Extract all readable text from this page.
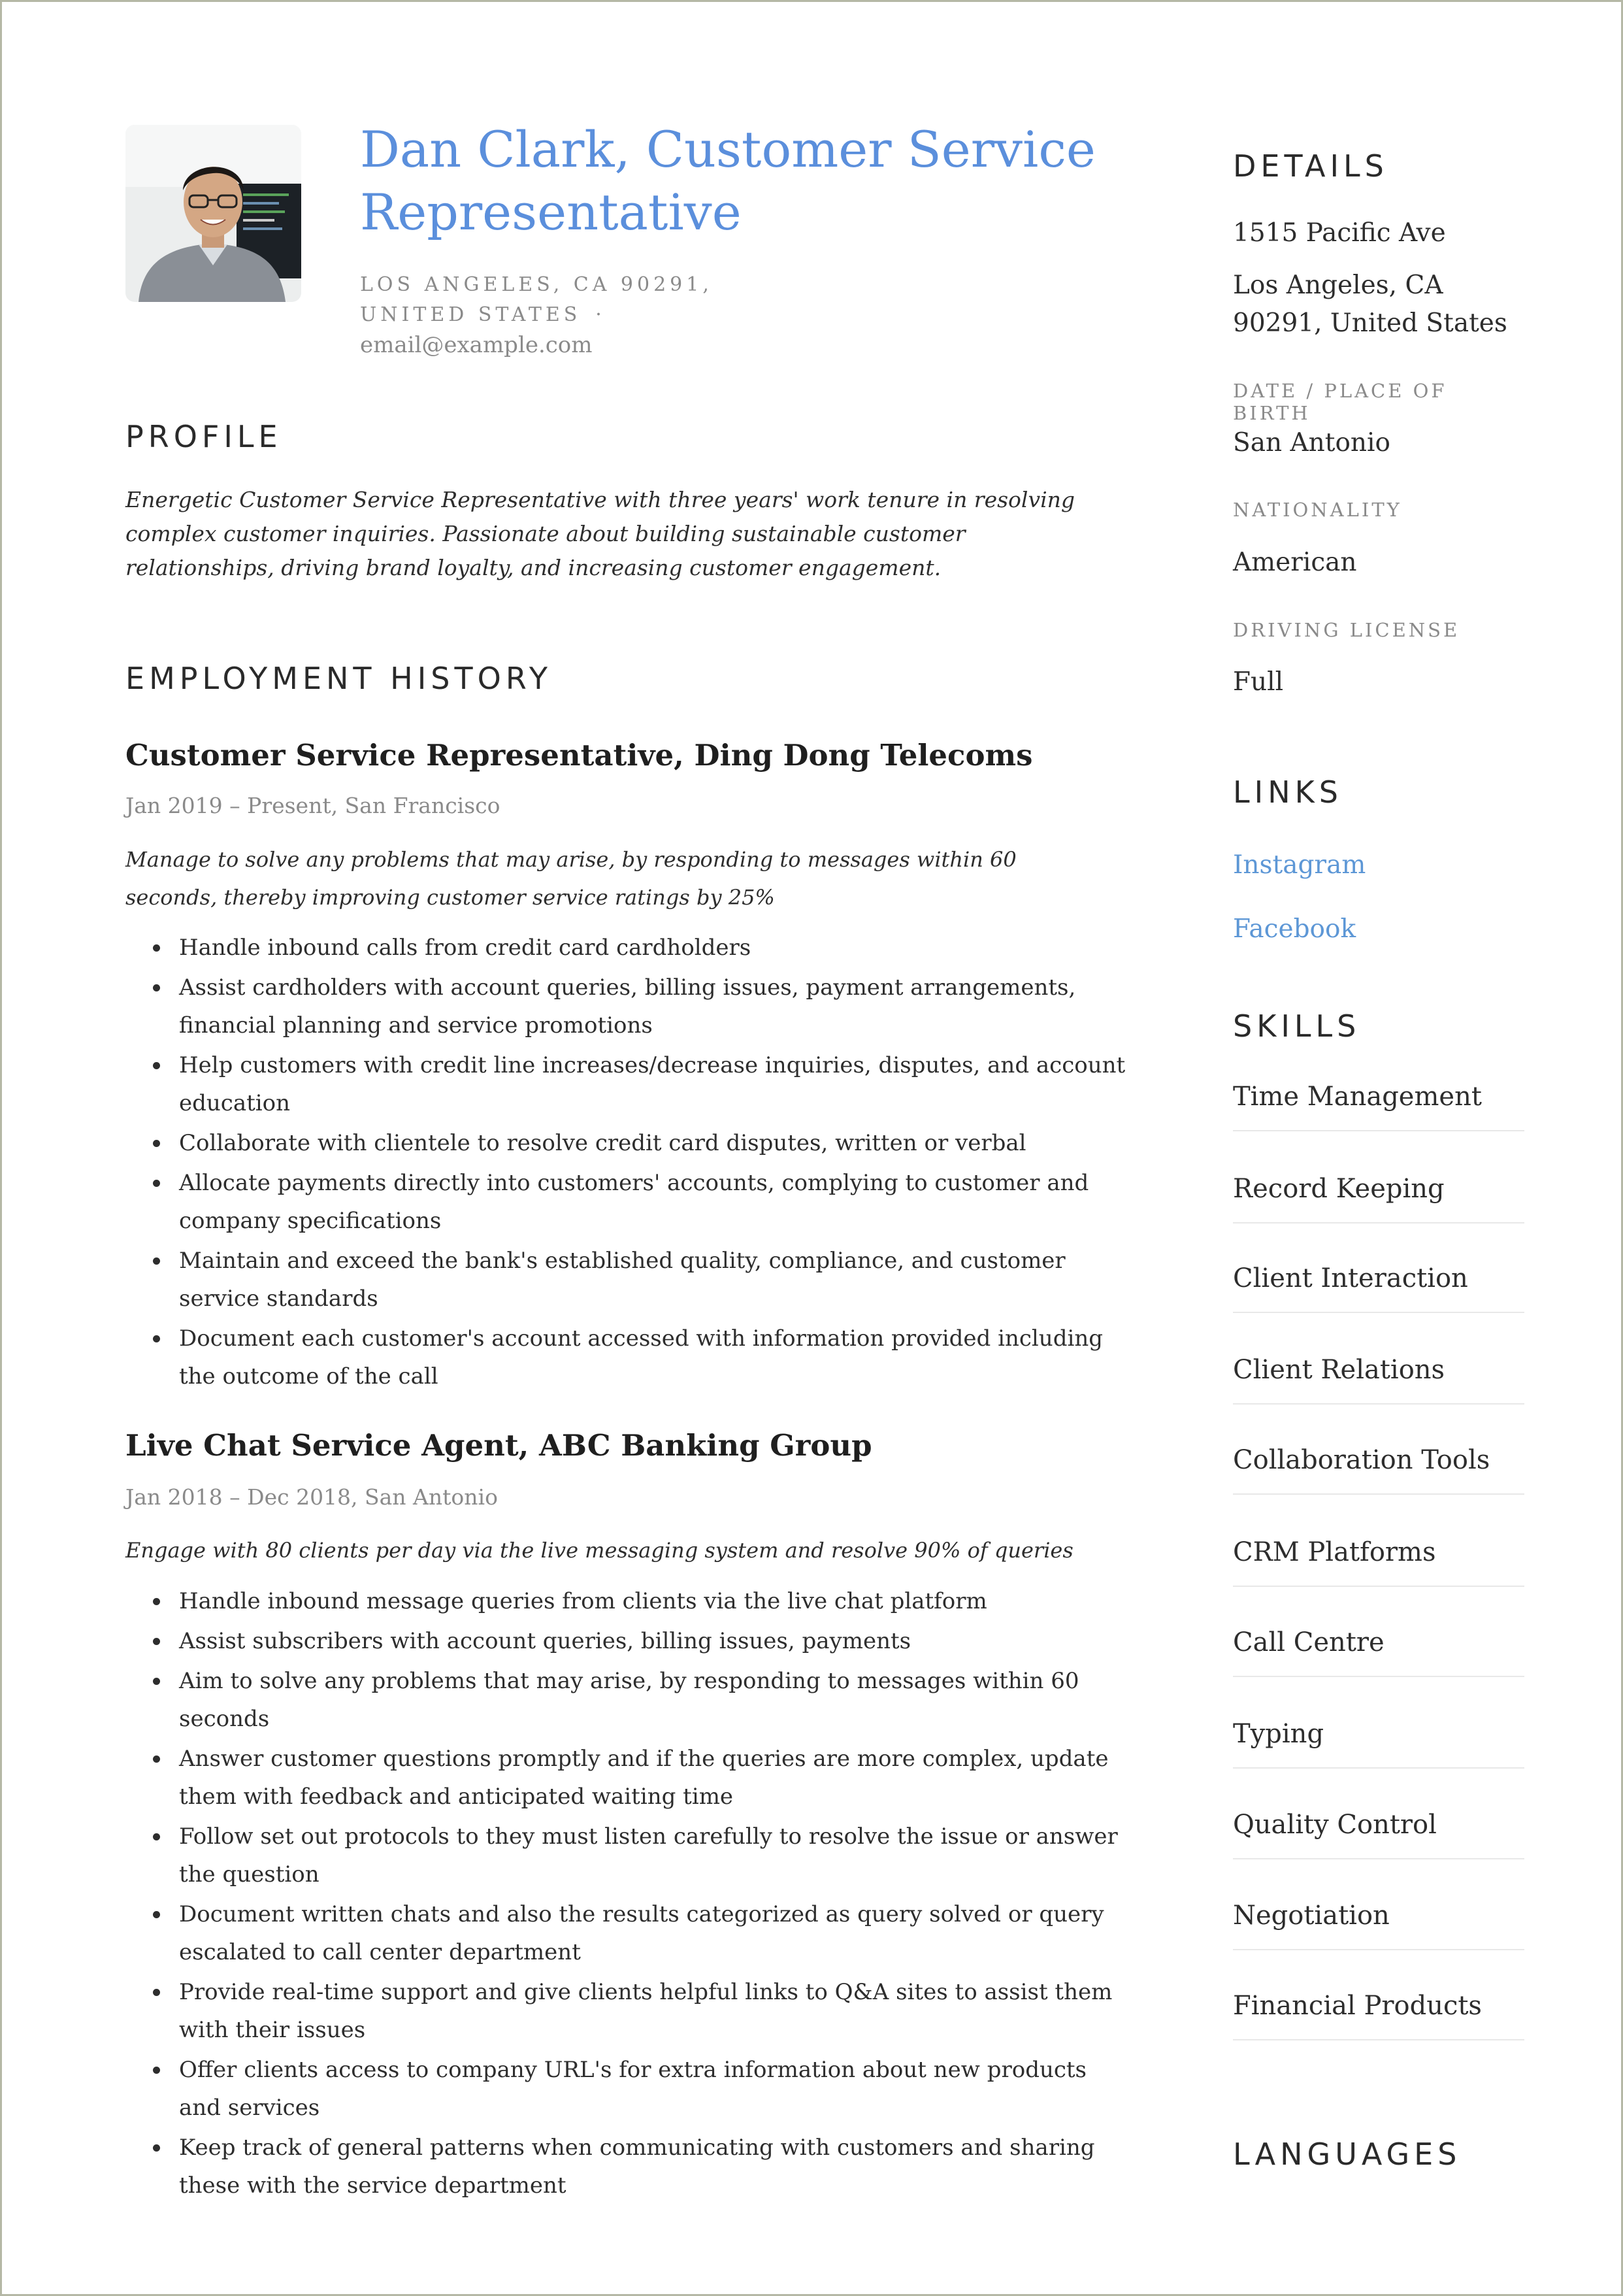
Dan Clark, Customer Service Representative
LOS ANGELES, CA 90291, UNITED STATES ·email@example.com
PROFILE

Energetic Customer Service Representative with three years' work tenure in resolving complex customer inquiries. Passionate about building sustainable customer relationships, driving brand loyalty, and increasing customer engagement.

EMPLOYMENT HISTORY
Customer Service Representative, Ding Dong Telecoms
Jan 2019 – Present, San Francisco

Manage to solve any problems that may arise, by responding to messages within 60 seconds, thereby improving customer service ratings by 25%

Handle inbound calls from credit card cardholders
Assist cardholders with account queries, billing issues, payment arrangements, financial planning and service promotions
Help customers with credit line increases/decrease inquiries, disputes, and account education
Collaborate with clientele to resolve credit card disputes, written or verbal
Allocate payments directly into customers' accounts, complying to customer and company specifications
Maintain and exceed the bank's established quality, compliance, and customer service standards
Document each customer's account accessed with information provided including the outcome of the call
Live Chat Service Agent, ABC Banking Group
Jan 2018 – Dec 2018, San Antonio

Engage with 80 clients per day via the live messaging system and resolve 90% of queries

Handle inbound message queries from clients via the live chat platform
Assist subscribers with account queries, billing issues, payments
Aim to solve any problems that may arise, by responding to messages within 60 seconds
Answer customer questions promptly and if the queries are more complex, update them with feedback and anticipated waiting time
Follow set out protocols to they must listen carefully to resolve the issue or answer the question
Document written chats and also the results categorized as query solved or query escalated to call center department
Provide real-time support and give clients helpful links to Q&A sites to assist them with their issues
Offer clients access to company URL's for extra information about new products and services
Keep track of general patterns when communicating with customers and sharing these with the service department
DETAILS
1515 Pacific Ave
Los Angeles, CA 90291, United States
DATE / PLACE OF BIRTH
San Antonio
NATIONALITY
American
DRIVING LICENSE
Full
LINKS
Instagram
Facebook
SKILLS
Time Management
Record Keeping
Client Interaction
Client Relations
Collaboration Tools
CRM Platforms
Call Centre
Typing
Quality Control
Negotiation
Financial Products
LANGUAGES
